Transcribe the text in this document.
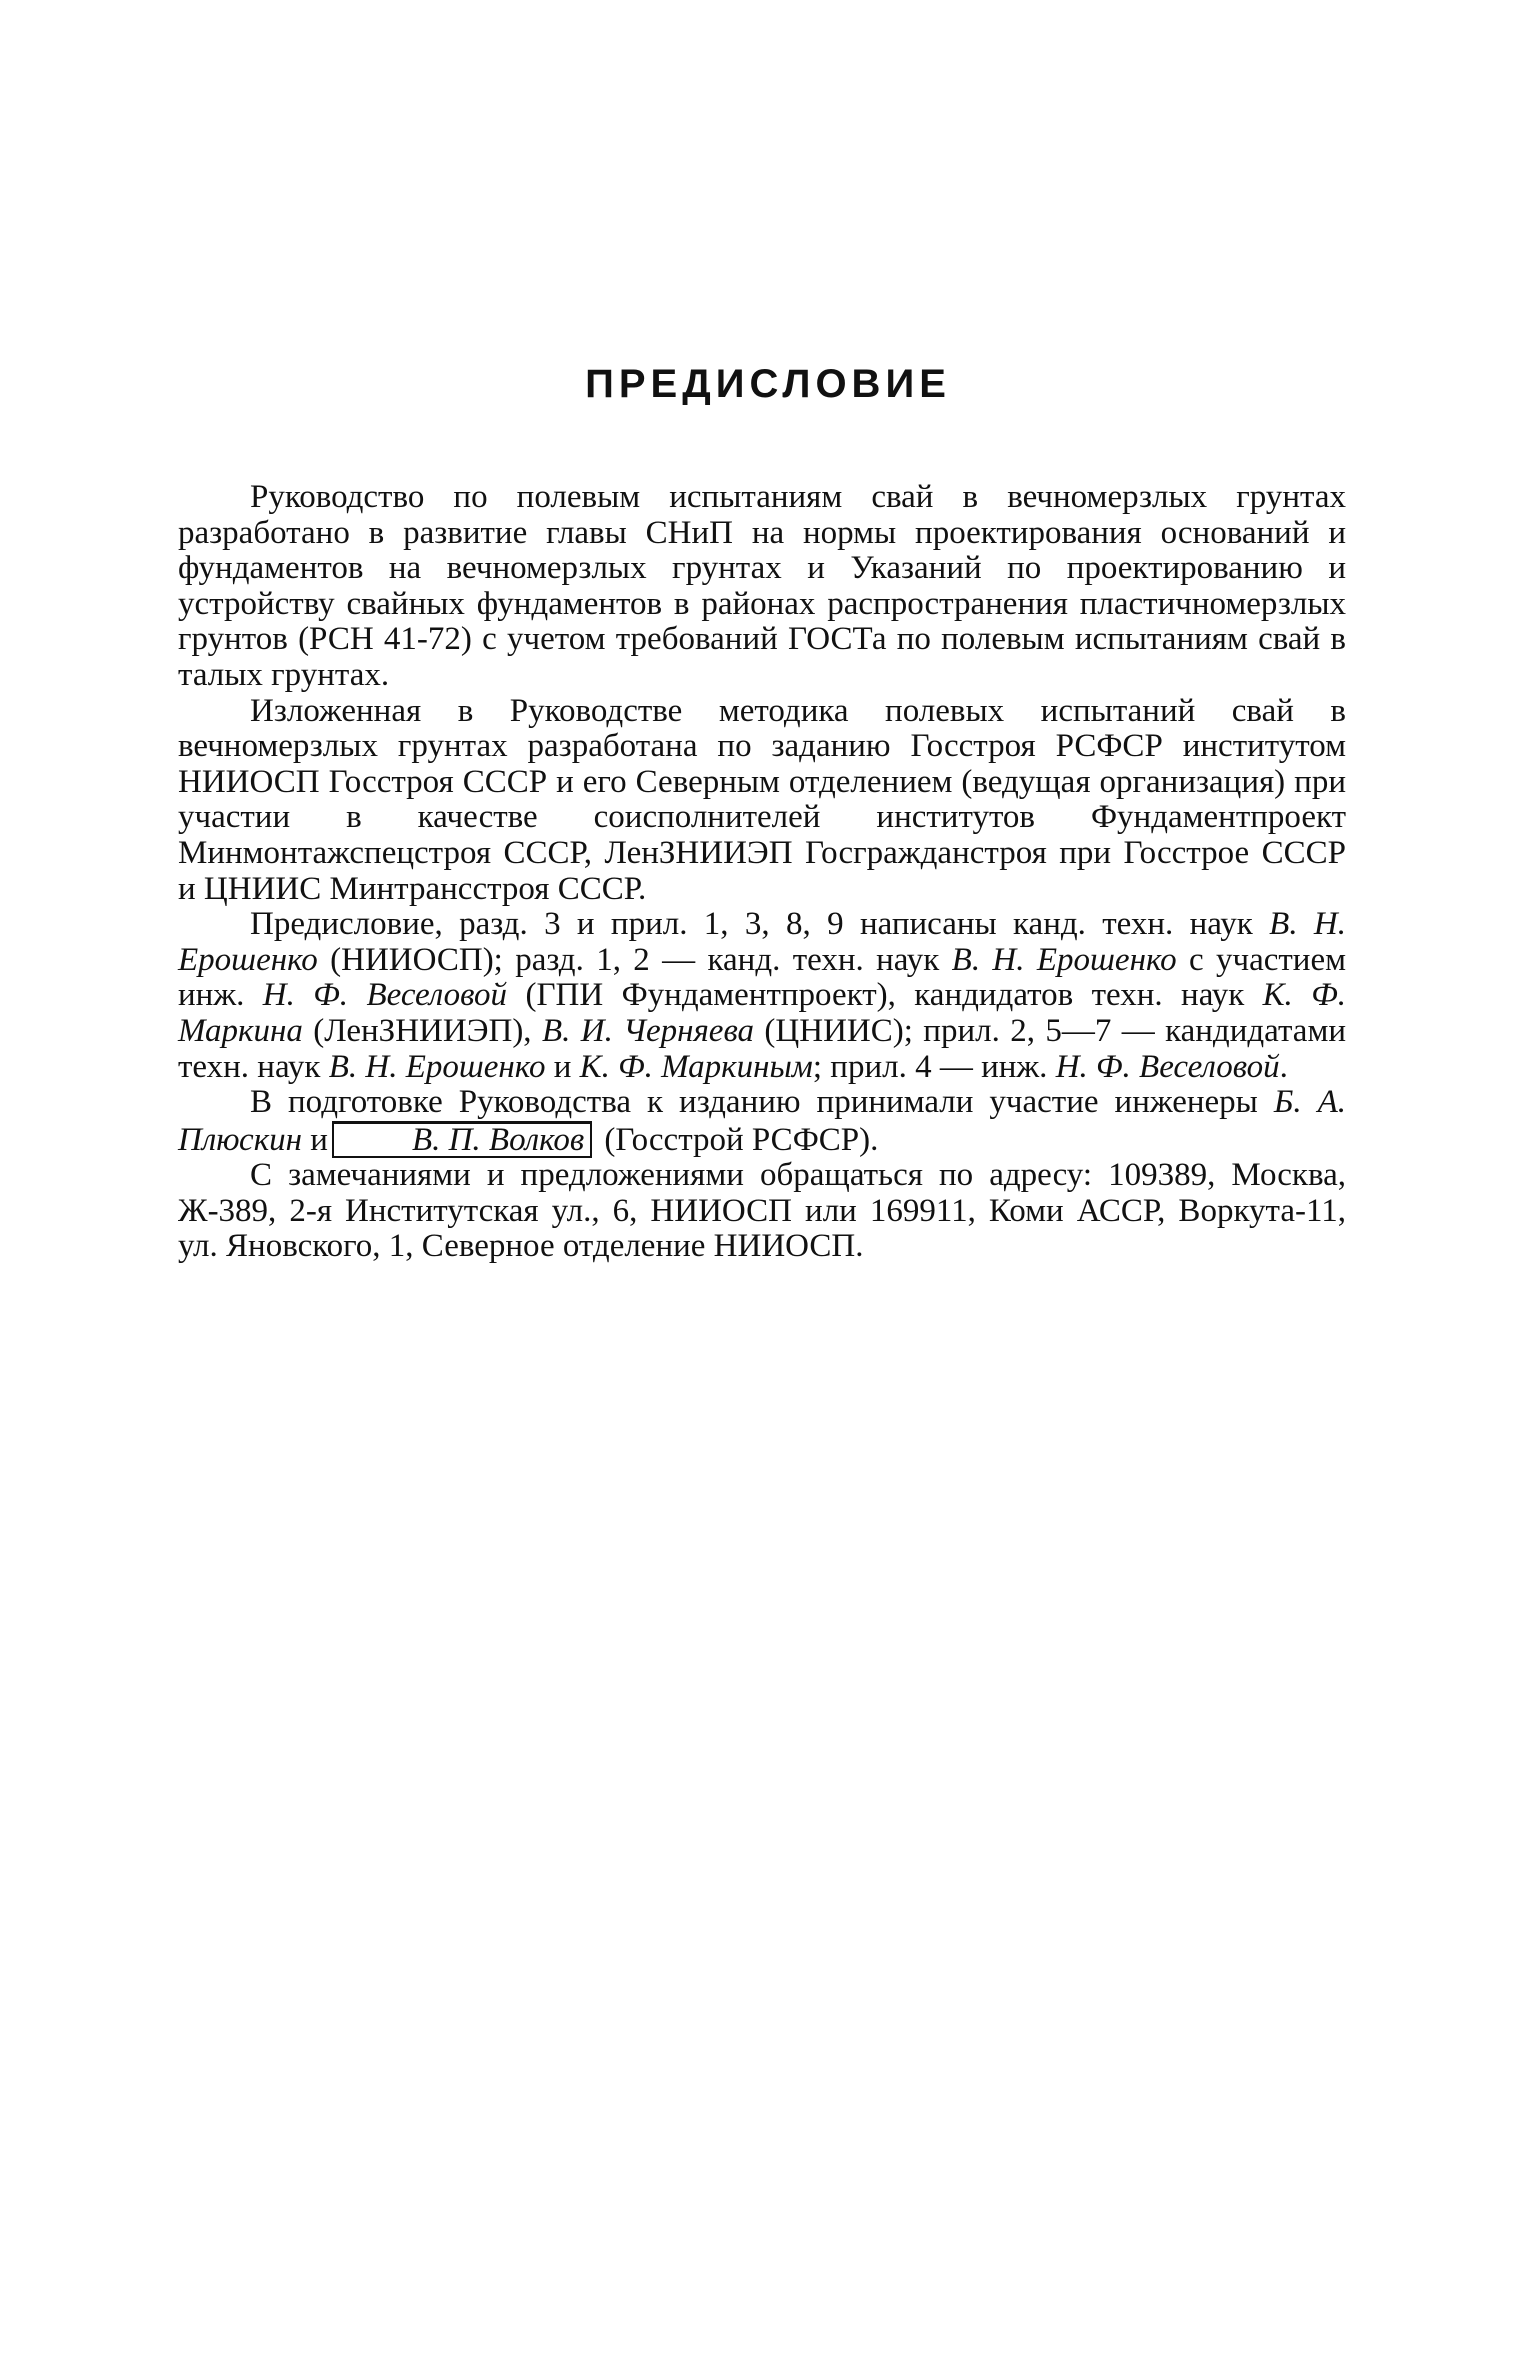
ПРЕДИСЛОВИЕ

Руководство по полевым испытаниям свай в вечномерзлых грунтах разработано в развитие главы СНиП на нормы проектирования оснований и фундаментов на вечномерзлых грунтах и Указаний по проектированию и устройству свайных фундаментов в районах распространения пластичномерзлых грунтов (РСН 41-72) с учетом требований ГОСТа по полевым испытаниям свай в талых грунтах.

Изложенная в Руководстве методика полевых испытаний свай в вечномерзлых грунтах разработана по заданию Госстроя РСФСР институтом НИИОСП Госстроя СССР и его Северным отделением (ведущая организация) при участии в качестве соисполнителей институтов Фундаментпроект Минмонтажспецстроя СССР, ЛенЗНИИЭП Госгражданстроя при Госстрое СССР и ЦНИИС Минтрансстроя СССР.

Предисловие, разд. 3 и прил. 1, 3, 8, 9 написаны канд. техн. наук В. Н. Ерошенко (НИИОСП); разд. 1, 2 — канд. техн. наук В. Н. Ерошенко с участием инж. Н. Ф. Веселовой (ГПИ Фундаментпроект), кандидатов техн. наук К. Ф. Маркина (ЛенЗНИИЭП), В. И. Черняева (ЦНИИС); прил. 2, 5—7 — кандидатами техн. наук В. Н. Ерошенко и К. Ф. Маркиным; прил. 4 — инж. Н. Ф. Веселовой.

В подготовке Руководства к изданию принимали участие инженеры Б. А. Плюскин и	В. П. Волков (Госстрой РСФСР).

С замечаниями и предложениями обращаться по адресу: 109389, Москва, Ж-389, 2-я Институтская ул., 6, НИИОСП или 169911, Коми АССР, Воркута-11, ул. Яновского, 1, Северное отделение НИИОСП.
